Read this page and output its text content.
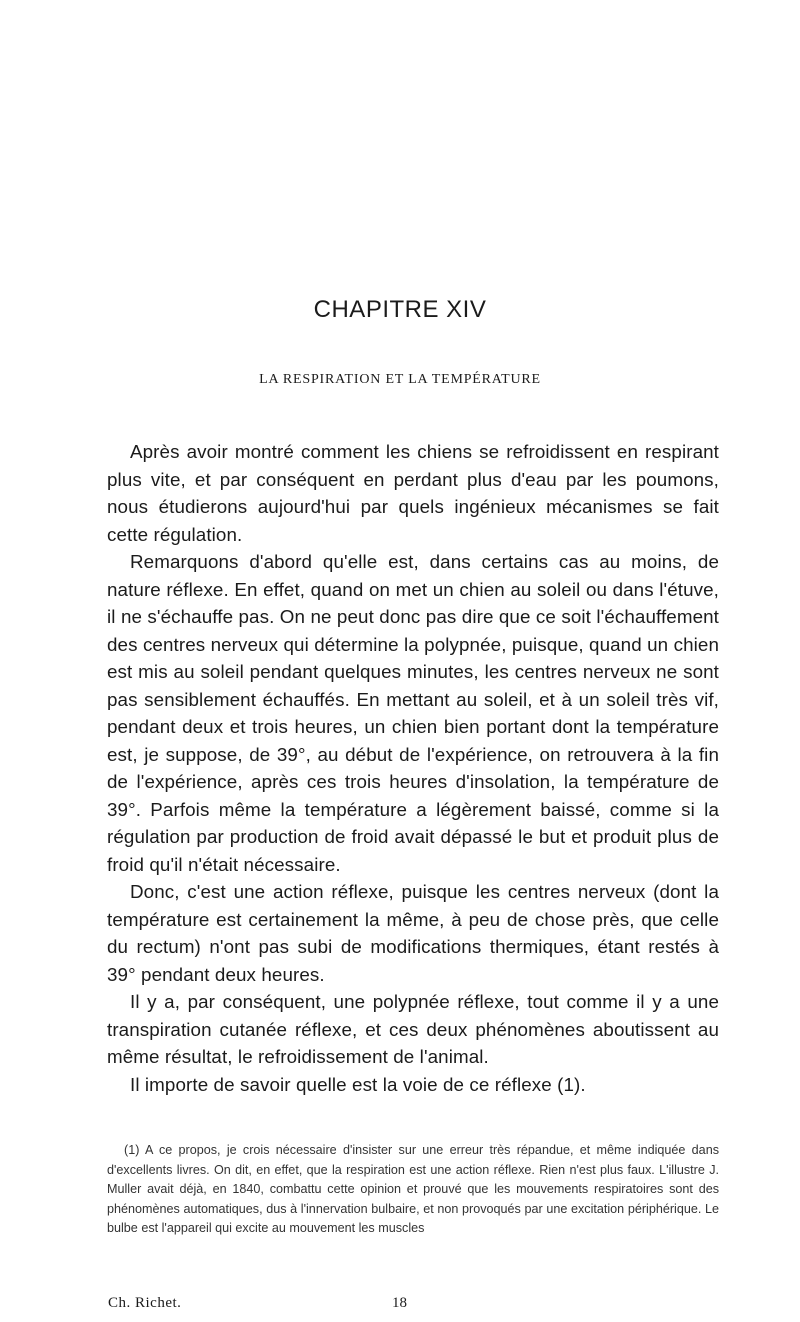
CHAPITRE XIV
LA RESPIRATION ET LA TEMPÉRATURE

Après avoir montré comment les chiens se refroidissent en respirant plus vite, et par conséquent en perdant plus d'eau par les poumons, nous étudierons aujourd'hui par quels ingénieux mécanismes se fait cette régulation.

Remarquons d'abord qu'elle est, dans certains cas au moins, de nature réflexe. En effet, quand on met un chien au soleil ou dans l'étuve, il ne s'échauffe pas. On ne peut donc pas dire que ce soit l'échauffement des centres nerveux qui détermine la polypnée, puisque, quand un chien est mis au soleil pendant quelques minutes, les centres nerveux ne sont pas sensiblement échauffés. En mettant au soleil, et à un soleil très vif, pendant deux et trois heures, un chien bien portant dont la température est, je suppose, de 39°, au début de l'expérience, on retrouvera à la fin de l'expérience, après ces trois heures d'insolation, la température de 39°. Parfois même la température a légèrement baissé, comme si la régulation par production de froid avait dépassé le but et produit plus de froid qu'il n'était nécessaire.

Donc, c'est une action réflexe, puisque les centres nerveux (dont la température est certainement la même, à peu de chose près, que celle du rectum) n'ont pas subi de modifications thermiques, étant restés à 39° pendant deux heures.

Il y a, par conséquent, une polypnée réflexe, tout comme il y a une transpiration cutanée réflexe, et ces deux phénomènes aboutissent au même résultat, le refroidissement de l'animal.

Il importe de savoir quelle est la voie de ce réflexe (1).

(1) A ce propos, je crois nécessaire d'insister sur une erreur très répandue, et même indiquée dans d'excellents livres. On dit, en effet, que la respiration est une action réflexe. Rien n'est plus faux. L'illustre J. Muller avait déjà, en 1840, combattu cette opinion et prouvé que les mouvements respiratoires sont des phénomènes automatiques, dus à l'innervation bulbaire, et non provoqués par une excitation périphérique. Le bulbe est l'appareil qui excite au mouvement les muscles
Ch. Richet.	18
